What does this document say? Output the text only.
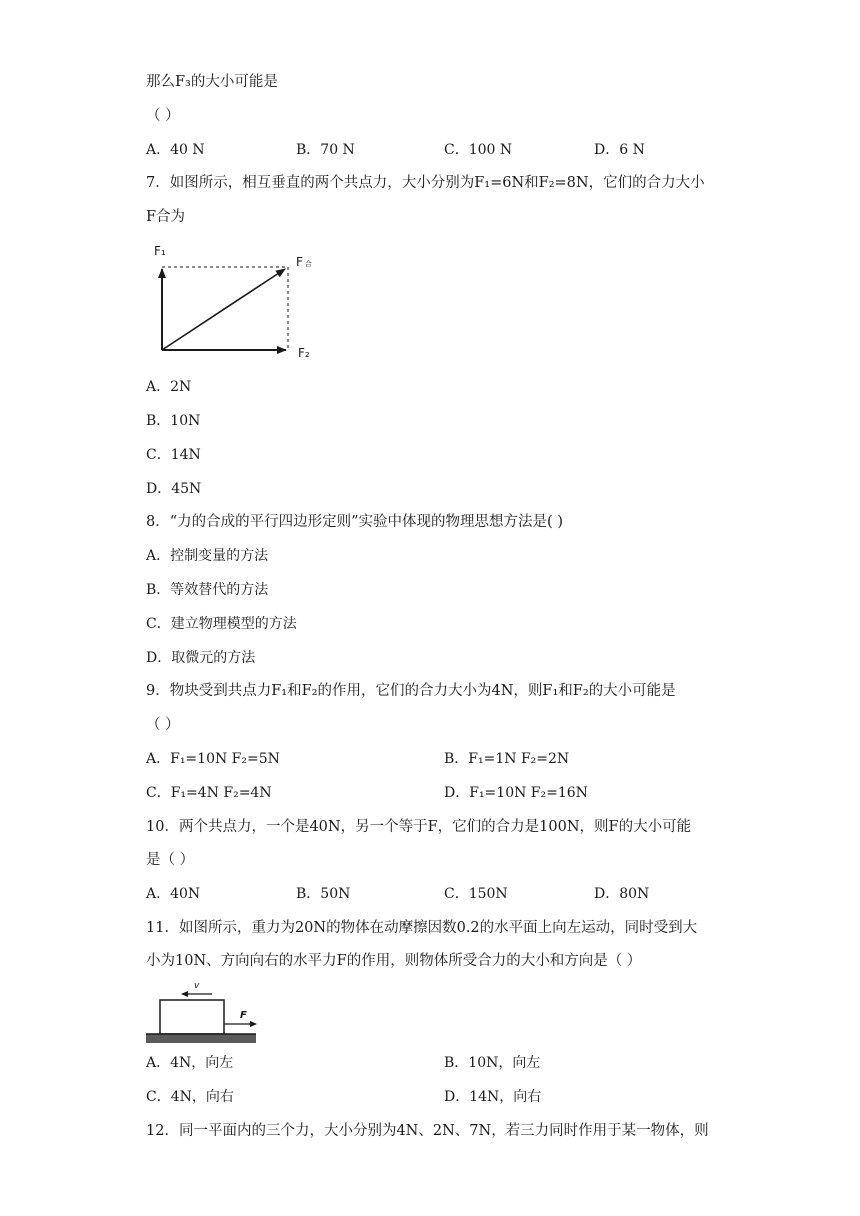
那么F₃的大小可能是
（ ）
A．40 N	B．70 N	C．100 N	D．6 N
7．如图所示，相互垂直的两个共点力，大小分别为F₁=6N和F₂=8N，它们的合力大小
F合为
F₁
F合
F₂
A．2N
B．10N
C．14N
D．45N
8．“力的合成的平行四边形定则”实验中体现的物理思想方法是( )
A．控制变量的方法
B．等效替代的方法
C．建立物理模型的方法
D．取微元的方法
9．物块受到共点力F₁和F₂的作用，它们的合力大小为4N，则F₁和F₂的大小可能是
（ ）
A．F₁=10N F₂=5N	B．F₁=1N F₂=2N
C．F₁=4N F₂=4N	D．F₁=10N F₂=16N
10．两个共点力，一个是40N，另一个等于F，它们的合力是100N，则F的大小可能
是（ ）
A．40N	B．50N	C．150N	D．80N
11．如图所示，重力为20N的物体在动摩擦因数0.2的水平面上向左运动，同时受到大
小为10N、方向向右的水平力F的作用，则物体所受合力的大小和方向是（ ）
v
F
A．4N，向左	B．10N，向左
C．4N，向右	D．14N，向右
12．同一平面内的三个力，大小分别为4N、2N、7N，若三力同时作用于某一物体，则
